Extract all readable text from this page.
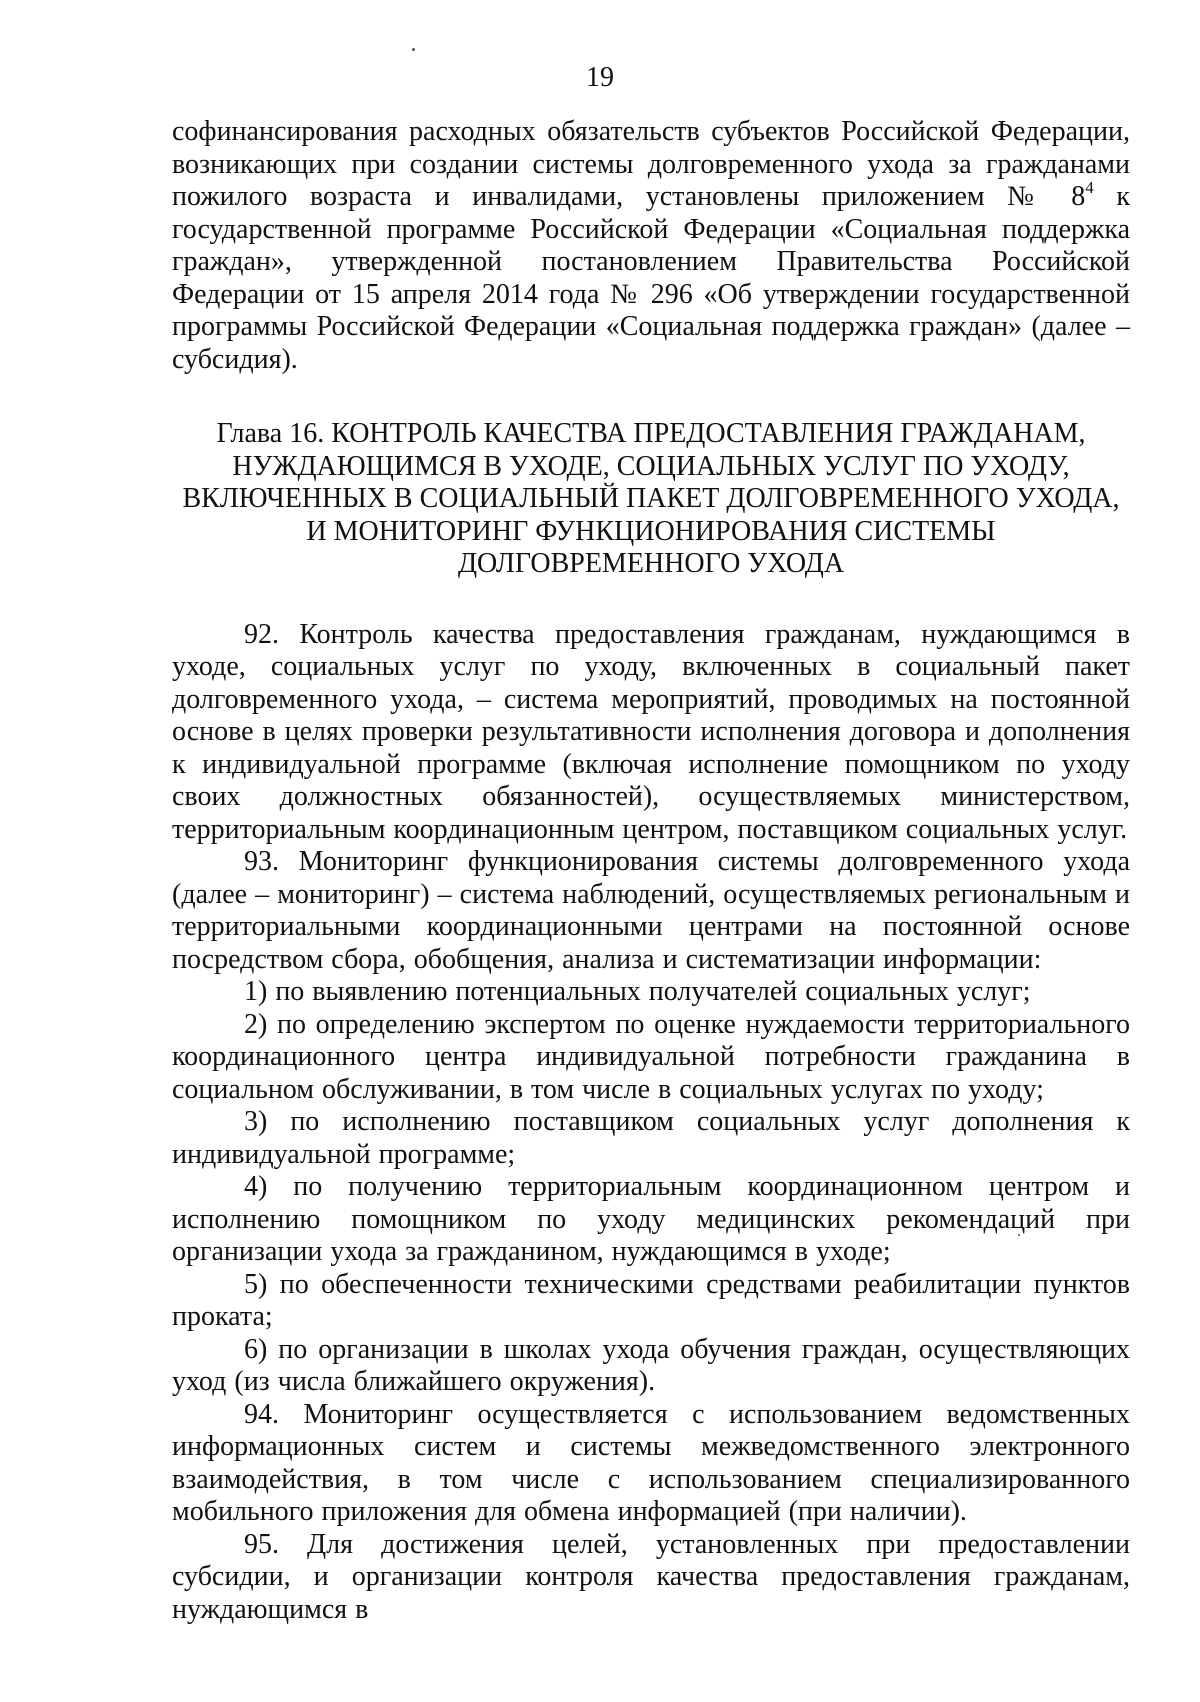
19

софинансирования расходных обязательств субъектов Российской Федерации, возникающих при создании системы долговременного ухода за гражданами пожилого возраста и инвалидами, установлены приложением № $8^4$ к государственной программе Российской Федерации «Социальная поддержка граждан», утвержденной постановлением Правительства Российской Федерации от 15 апреля 2014 года № 296 «Об утверждении государственной программы Российской Федерации «Социальная поддержка граждан» (далее – субсидия).

Глава 16. КОНТРОЛЬ КАЧЕСТВА ПРЕДОСТАВЛЕНИЯ ГРАЖДАНАМ,
НУЖДАЮЩИМСЯ В УХОДЕ, СОЦИАЛЬНЫХ УСЛУГ ПО УХОДУ,
ВКЛЮЧЕННЫХ В СОЦИАЛЬНЫЙ ПАКЕТ ДОЛГОВРЕМЕННОГО УХОДА,
И МОНИТОРИНГ ФУНКЦИОНИРОВАНИЯ СИСТЕМЫ
ДОЛГОВРЕМЕННОГО УХОДА

92. Контроль качества предоставления гражданам, нуждающимся в уходе, социальных услуг по уходу, включенных в социальный пакет долговременного ухода, – система мероприятий, проводимых на постоянной основе в целях проверки результативности исполнения договора и дополнения к индивидуальной программе (включая исполнение помощником по уходу своих должностных обязанностей), осуществляемых министерством, территориальным координационным центром, поставщиком социальных услуг.

93. Мониторинг функционирования системы долговременного ухода (далее – мониторинг) – система наблюдений, осуществляемых региональным и территориальными координационными центрами на постоянной основе посредством сбора, обобщения, анализа и систематизации информации:

1) по выявлению потенциальных получателей социальных услуг;

2) по определению экспертом по оценке нуждаемости территориального координационного центра индивидуальной потребности гражданина в социальном обслуживании, в том числе в социальных услугах по уходу;

3) по исполнению поставщиком социальных услуг дополнения к индивидуальной программе;

4) по получению территориальным координационном центром и исполнению помощником по уходу медицинских рекомендаций при организации ухода за гражданином, нуждающимся в уходе;

5) по обеспеченности техническими средствами реабилитации пунктов проката;

6) по организации в школах ухода обучения граждан, осуществляющих уход (из числа ближайшего окружения).

94. Мониторинг осуществляется с использованием ведомственных информационных систем и системы межведомственного электронного взаимодействия, в том числе с использованием специализированного мобильного приложения для обмена информацией (при наличии).

95. Для достижения целей, установленных при предоставлении субсидии, и организации контроля качества предоставления гражданам, нуждающимся в
